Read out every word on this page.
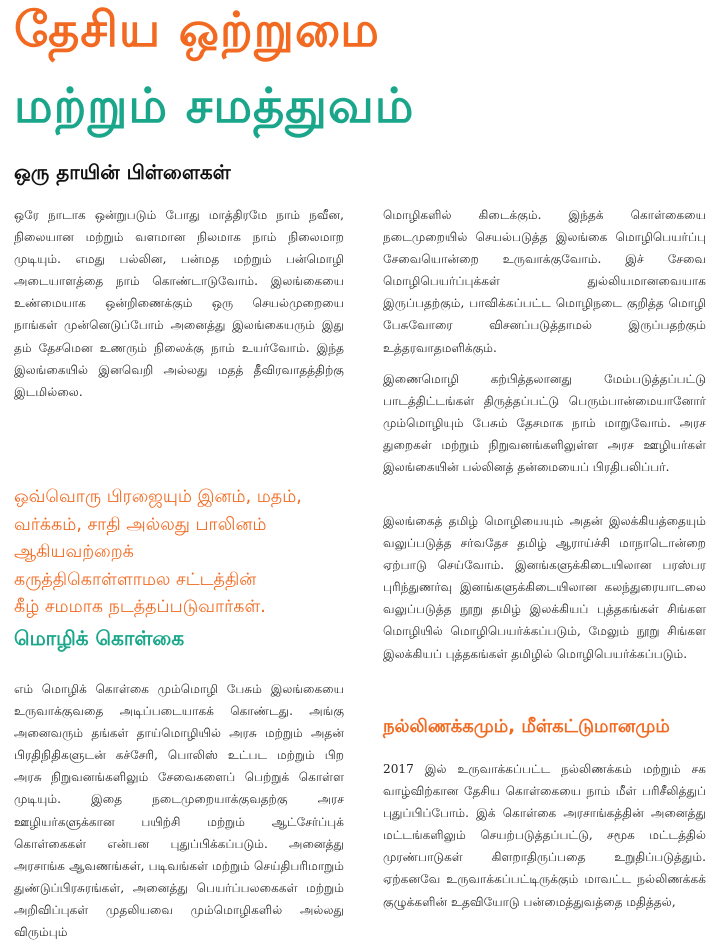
தேசிய ஒற்றுமை
மற்றும் சமத்துவம்
ஒரு தாயின் பிள்ளைகள்

ஒரே நாடாக ஒன்றுபடும் போது மாத்திரமே நாம் நவீன, நிலையான மற்றும் வளமான நிலமாக நாம் நிலைமாற முடியும். எமது பல்லின, பன்மத மற்றும் பன்மொழி அடையாளத்தை நாம் கொண்டாடுவோம். இலங்கையை உண்மையாக ஒன்றிணைக்கும் ஒரு செயல்முறையை நாங்கள் முன்னெடுப்போம் அனைத்து இலங்கையரும் இது தம் தேசமென உணரும் நிலைக்கு நாம் உயர்வோம். இந்த இலங்கையில் இனவெறி அல்லது மதத் தீவிரவாதத்திற்கு இடமில்லை.

ஒவ்வொரு பிரஜையும் இனம், மதம்,
வர்க்கம், சாதி அல்லது பாலினம்
ஆகியவற்றைக்
கருத்திகொள்ளாமல சட்டத்தின்
கீழ் சமமாக நடத்தப்படுவார்கள்.
மொழிக் கொள்கை

எம் மொழிக் கொள்கை மும்மொழி பேசும் இலங்கையை உருவாக்குவதை அடிப்படையாகக் கொண்டது. அங்கு அனைவரும் தங்கள் தாய்மொழியில் அரசு மற்றும் அதன் பிரதிநிதிகளுடன் கச்சேரி, பொலிஸ் உட்பட மற்றும் பிற அரசு நிறுவனங்களிலும் சேவைகளைப் பெற்றுக் கொள்ள முடியும். இதை நடைமுறையாக்குவதற்கு அரச ஊழியர்களுக்கான பயிற்சி மற்றும் ஆட்சேர்ப்புக் கொள்கைகள் என்பன புதுப்பிக்கப்படும். அனைத்து அரசாங்க ஆவணங்கள், படிவங்கள் மற்றும் செய்திபரிமாறும் துண்டுப்பிரசுரங்கள், அனைத்து பெயர்ப்பலகைகள் மற்றும் அறிவிப்புகள் முதலியவை மும்மொழிகளில் அல்லது விரும்பும்

மொழிகளில் கிடைக்கும். இந்தக் கொள்கையை நடைமுறையில் செயல்படுத்த இலங்கை மொழிபெயர்ப்பு சேவையொன்றை உருவாக்குவோம். இச் சேவை மொழிபெயர்ப்புக்கள் துல்லியமானவையாக இருப்பதற்கும், பாவிக்கப்பட்ட மொழிநடை குறித்த மொழி பேசுவோரை விசனப்படுத்தாமல் இருப்பதற்கும் உத்தரவாதமளிக்கும்.

இணைமொழி கற்பித்தலானது மேம்படுத்தப்பட்டு பாடத்திட்டங்கள் திருத்தப்பட்டு பெரும்பான்மையானோர் மும்மொழியும் பேசும் தேசமாக நாம் மாறுவோம். அரச துறைகள் மற்றும் நிறுவனங்களிலுள்ள அரச ஊழியர்கள் இலங்கையின் பல்லினத் தன்மையைப் பிரதிபலிப்பர்.

இலங்கைத் தமிழ் மொழியையும் அதன் இலக்கியத்தையும் வலுப்படுத்த சர்வதேச தமிழ் ஆராய்ச்சி மாநாடொன்றை ஏற்பாடு செய்வோம். இனங்களுக்கிடையிலான பரஸ்பர புரிந்துணர்வு இனங்களுக்கிடையிலான கலந்துரையாடலை வலுப்படுத்த நூறு தமிழ் இலக்கியப் புத்தகங்கள் சிங்கள மொழியில் மொழிபெயர்க்கப்படும், மேலும் நூறு சிங்கள இலக்கியப் புத்தகங்கள் தமிழில் மொழிபெயர்க்கப்படும்.

நல்லிணக்கமும், மீள்கட்டுமானமும்

2017 இல் உருவாக்கப்பட்ட நல்லிணக்கம் மற்றும் சக வாழ்விற்கான தேசிய கொள்கையை நாம் மீள் பரிசீலித்துப் புதுப்பிப்போம். இக் கொள்கை அரசாங்கத்தின் அனைத்து மட்டங்களிலும் செயற்படுத்தப்பட்டு, சமூக மட்டத்தில் முரண்பாடுகள் கிளறாதிருப்பதை உறுதிப்படுத்தும். ஏற்கனவே உருவாக்கப்பட்டிருக்கும் மாவட்ட நல்லிணக்கக் குழுக்களின் உதவியோடு பன்மைத்துவத்தை மதித்தல்,
